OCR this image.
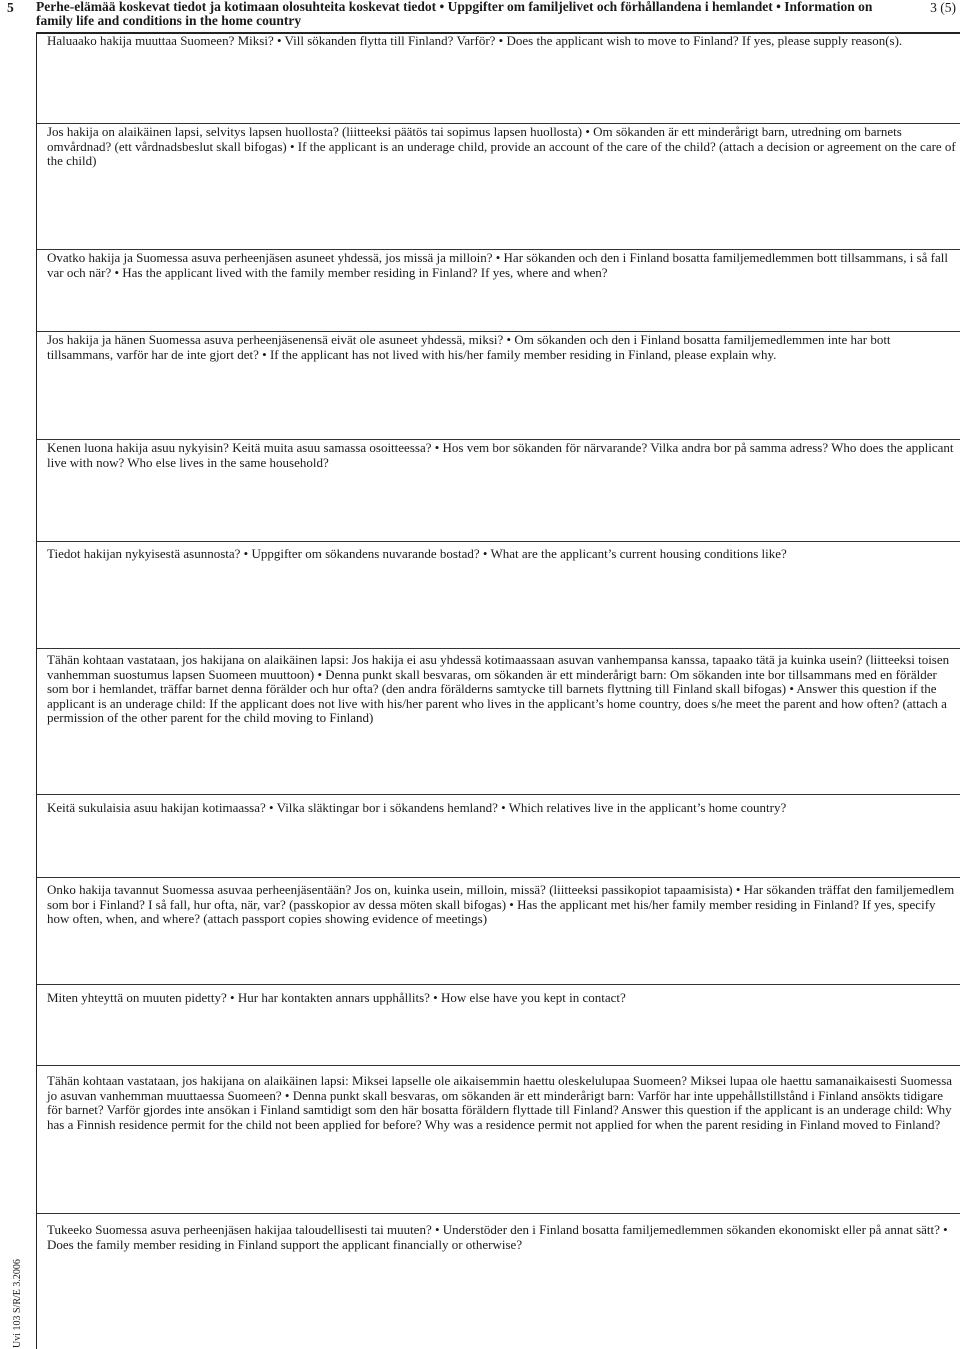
5 Perhe-elämää koskevat tiedot ja kotimaan olosuhteita koskevat tiedot • Uppgifter om familjelivet och förhållandena i hemlandet • Information on family life and conditions in the home country
3 (5)
Haluaako hakija muuttaa Suomeen? Miksi? • Vill sökanden flytta till Finland? Varför? • Does the applicant wish to move to Finland? If yes, please supply reason(s).
Jos hakija on alaikäinen lapsi, selvitys lapsen huollosta? (liitteeksi päätös tai sopimus lapsen huollosta) • Om sökanden är ett minderårigt barn, utredning om barnets omvårdnad? (ett vårdnadsbeslut skall bifogas) • If the applicant is an underage child, provide an account of the care of the child? (attach a decision or agreement on the care of the child)
Ovatko hakija ja Suomessa asuva perheenjäsen asuneet yhdessä, jos missä ja milloin? • Har sökanden och den i Finland bosatta familjemedlemmen bott tillsammans, i så fall var och när? • Has the applicant lived with the family member residing in Finland? If yes, where and when?
Jos hakija ja hänen Suomessa asuva perheenjäsenensä eivät ole asuneet yhdessä, miksi? • Om sökanden och den i Finland bosatta familjemedlemmen inte har bott tillsammans, varför har de inte gjort det? • If the applicant has not lived with his/her family member residing in Finland, please explain why.
Kenen luona hakija asuu nykyisin? Keitä muita asuu samassa osoitteessa? • Hos vem bor sökanden för närvarande? Vilka andra bor på samma adress? Who does the applicant live with now? Who else lives in the same household?
Tiedot hakijan nykyisestä asunnosta? • Uppgifter om sökandens nuvarande bostad? • What are the applicant’s current housing conditions like?
Tähän kohtaan vastataan, jos hakijana on alaikäinen lapsi: Jos hakija ei asu yhdessä kotimaassaan asuvan vanhempansa kanssa, tapaako tätä ja kuinka usein? (liitteeksi toisen vanhemman suostumus lapsen Suomeen muuttoon) • Denna punkt skall besvaras, om sökanden är ett minderårigt barn: Om sökanden inte bor tillsammans med en förälder som bor i hemlandet, träffar barnet denna förälder och hur ofta? (den andra förälderns samtycke till barnets flyttning till Finland skall bifogas) • Answer this question if the applicant is an underage child: If the applicant does not live with his/her parent who lives in the applicant’s home country, does s/he meet the parent and how often? (attach a permission of the other parent for the child moving to Finland)
Keitä sukulaisia asuu hakijan kotimaassa? • Vilka släktingar bor i sökandens hemland? • Which relatives live in the applicant’s home country?
Onko hakija tavannut Suomessa asuvaa perheenjäsentään? Jos on, kuinka usein, milloin, missä? (liitteeksi passikopiot tapaamisista) • Har sökanden träffat den familjemedlem som bor i Finland? I så fall, hur ofta, när, var? (passkopior av dessa möten skall bifogas) • Has the applicant met his/her family member residing in Finland? If yes, specify how often, when, and where? (attach passport copies showing evidence of meetings)
Miten yhteyttä on muuten pidetty? • Hur har kontakten annars upphållits? • How else have you kept in contact?
Tähän kohtaan vastataan, jos hakijana on alaikäinen lapsi: Miksei lapselle ole aikaisemmin haettu oleskelulupaa Suomeen? Miksei lupaa ole haettu samanaikaisesti Suomessa jo asuvan vanhemman muuttaessa Suomeen? • Denna punkt skall besvaras, om sökanden är ett minderårigt barn: Varför har inte uppehållstillstånd i Finland ansökts tidigare för barnet? Varför gjordes inte ansökan i Finland samtidigt som den här bosatta föräldern flyttade till Finland? Answer this question if the applicant is an underage child: Why has a Finnish residence permit for the child not been applied for before? Why was a residence permit not applied for when the parent residing in Finland moved to Finland?
Tukeeko Suomessa asuva perheenjäsen hakijaa taloudellisesti tai muuten? • Understöder den i Finland bosatta familjemedlemmen sökanden ekonomiskt eller på annat sätt? • Does the family member residing in Finland support the applicant financially or otherwise?
Uvi 103 S/R/E 3.2006
